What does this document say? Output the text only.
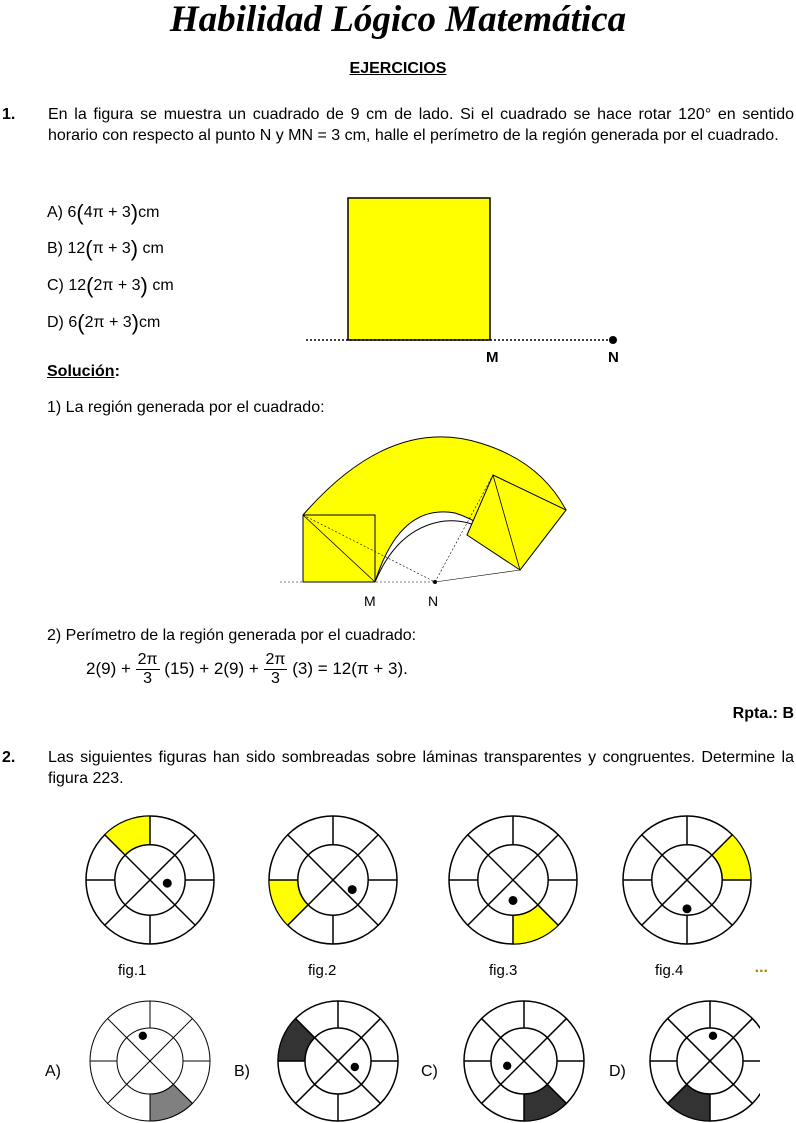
Habilidad Lógico Matemática
EJERCICIOS
1. En la figura se muestra un cuadrado de 9 cm de lado. Si el cuadrado se hace rotar 120° en sentido horario con respecto al punto N y MN = 3 cm, halle el perímetro de la región generada por el cuadrado.
A) 6(4π + 3)cm
B) 12(π + 3) cm
C) 12(2π + 3) cm
D) 6(2π + 3)cm
M	N
Solución:
1) La región generada por el cuadrado:
M	N
2) Perímetro de la región generada por el cuadrado:
$2(9) + \frac{2\pi}{3} (15) + 2(9) + \frac{2\pi}{3} (3) = 12(\pi + 3)$.
Rpta.: B
2. Las siguientes figuras han sido sombreadas sobre láminas transparentes y congruentes. Determine la figura 223.
...
fig.1	fig.2	fig.3	fig.4
A)	B)	C)	D)
